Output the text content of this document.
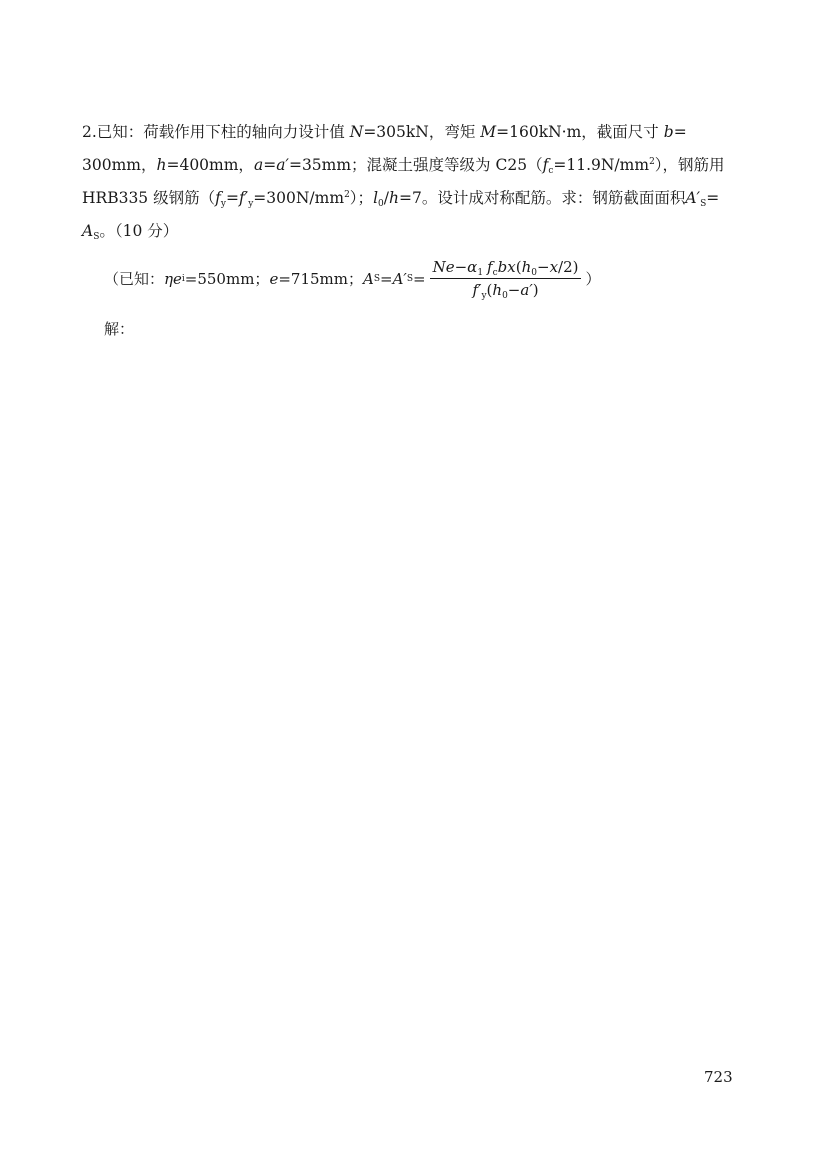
2.已知：荷载作用下柱的轴向力设计值 N=305kN，弯矩 M=160kN·m，截面尺寸 b=
300mm，h=400mm，a=a′=35mm；混凝土强度等级为 $C25(f_c=11.9N/mm^2)$，钢筋用
HRB335 级钢筋$(f_y=f'_y=300N/mm^2)$；$l_0/h=7$。设计成对称配筋。求：钢筋截面面积$A'_S=$
$A_S$。（10 分）
（已知： ηe i =550mm； e =715mm； A S = A′ $S = \frac{Ne-\alpha_1 f_cbx(h_0-x/2)}{f'_y(h_0-a')}$ ）
解：
723
